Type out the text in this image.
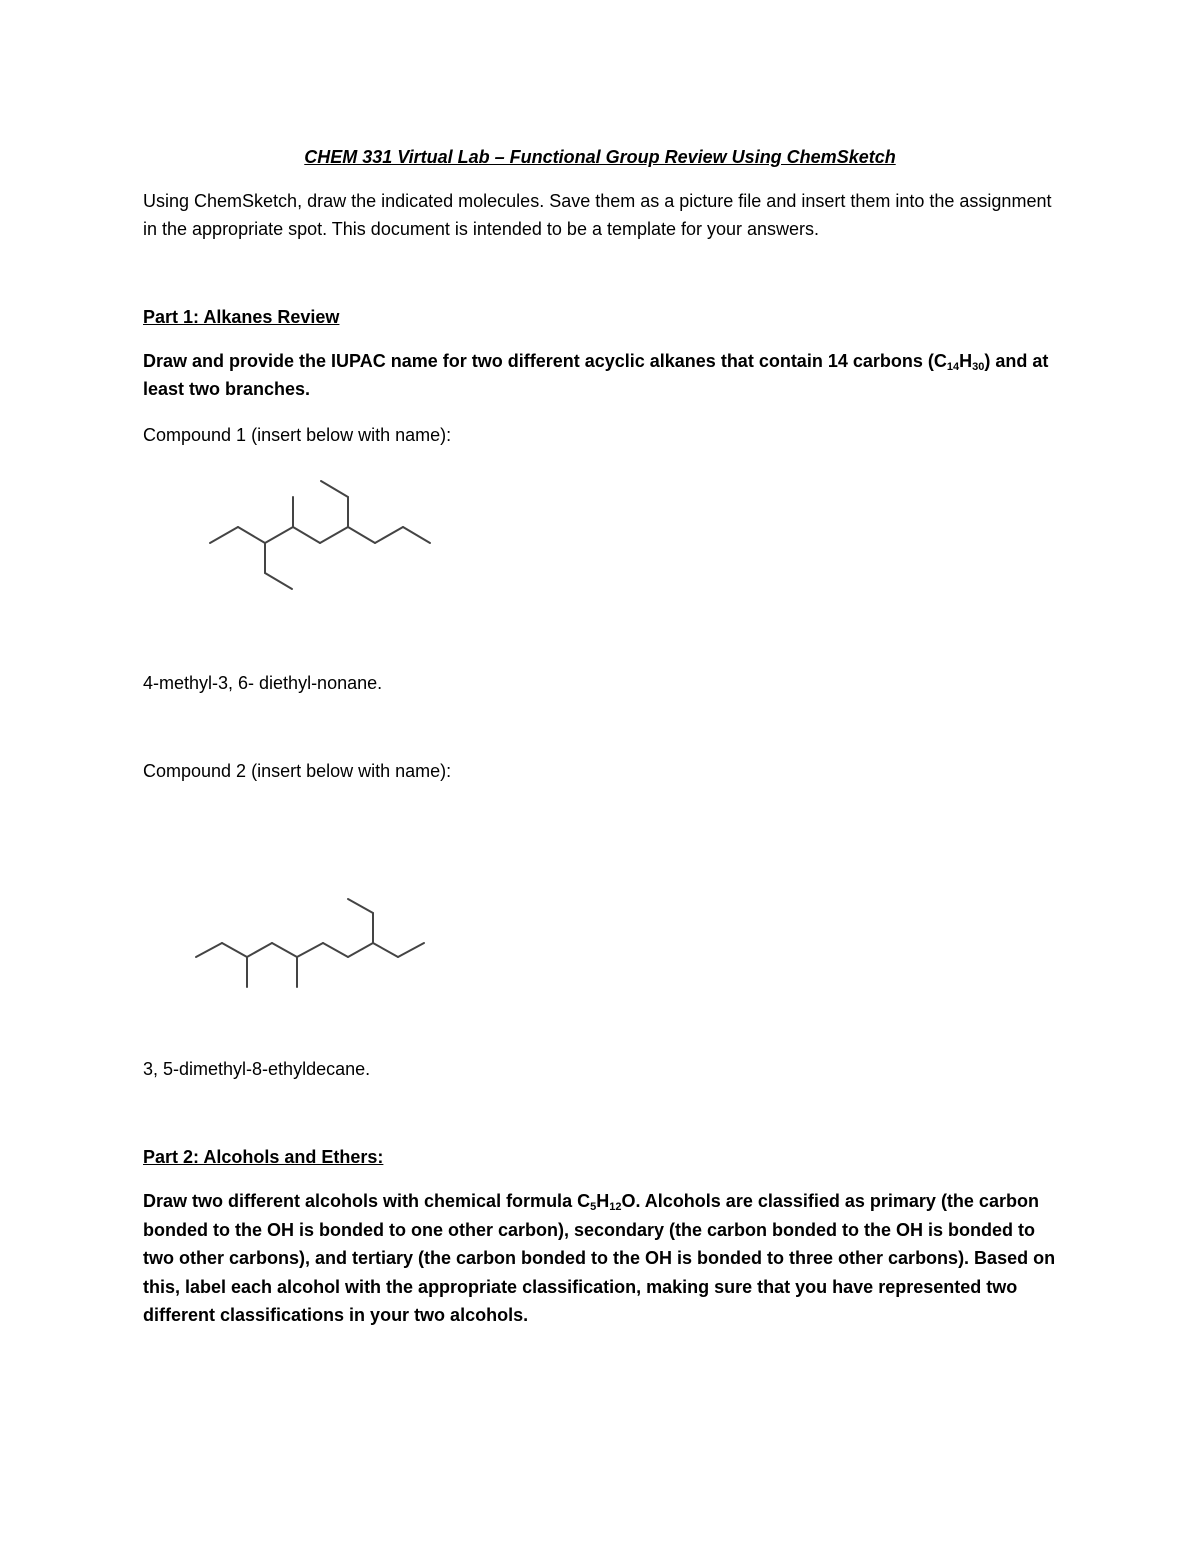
CHEM 331 Virtual Lab – Functional Group Review Using ChemSketch

Using ChemSketch, draw the indicated molecules. Save them as a picture file and insert them into the assignment in the appropriate spot. This document is intended to be a template for your answers.

Part 1: Alkanes Review

Draw and provide the IUPAC name for two different acyclic alkanes that contain 14 carbons $(C_{14}H_{30})$ and at least two branches.

Compound 1 (insert below with name):

4-methyl-3, 6- diethyl-nonane.

Compound 2 (insert below with name):

3, 5-dimethyl-8-ethyldecane.

Part 2: Alcohols and Ethers:

Draw two different alcohols with chemical formula $C_5H_{12}O$. Alcohols are classified as primary (the carbon bonded to the OH is bonded to one other carbon), secondary (the carbon bonded to the OH is bonded to two other carbons), and tertiary (the carbon bonded to the OH is bonded to three other carbons). Based on this, label each alcohol with the appropriate classification, making sure that you have represented two different classifications in your two alcohols.
